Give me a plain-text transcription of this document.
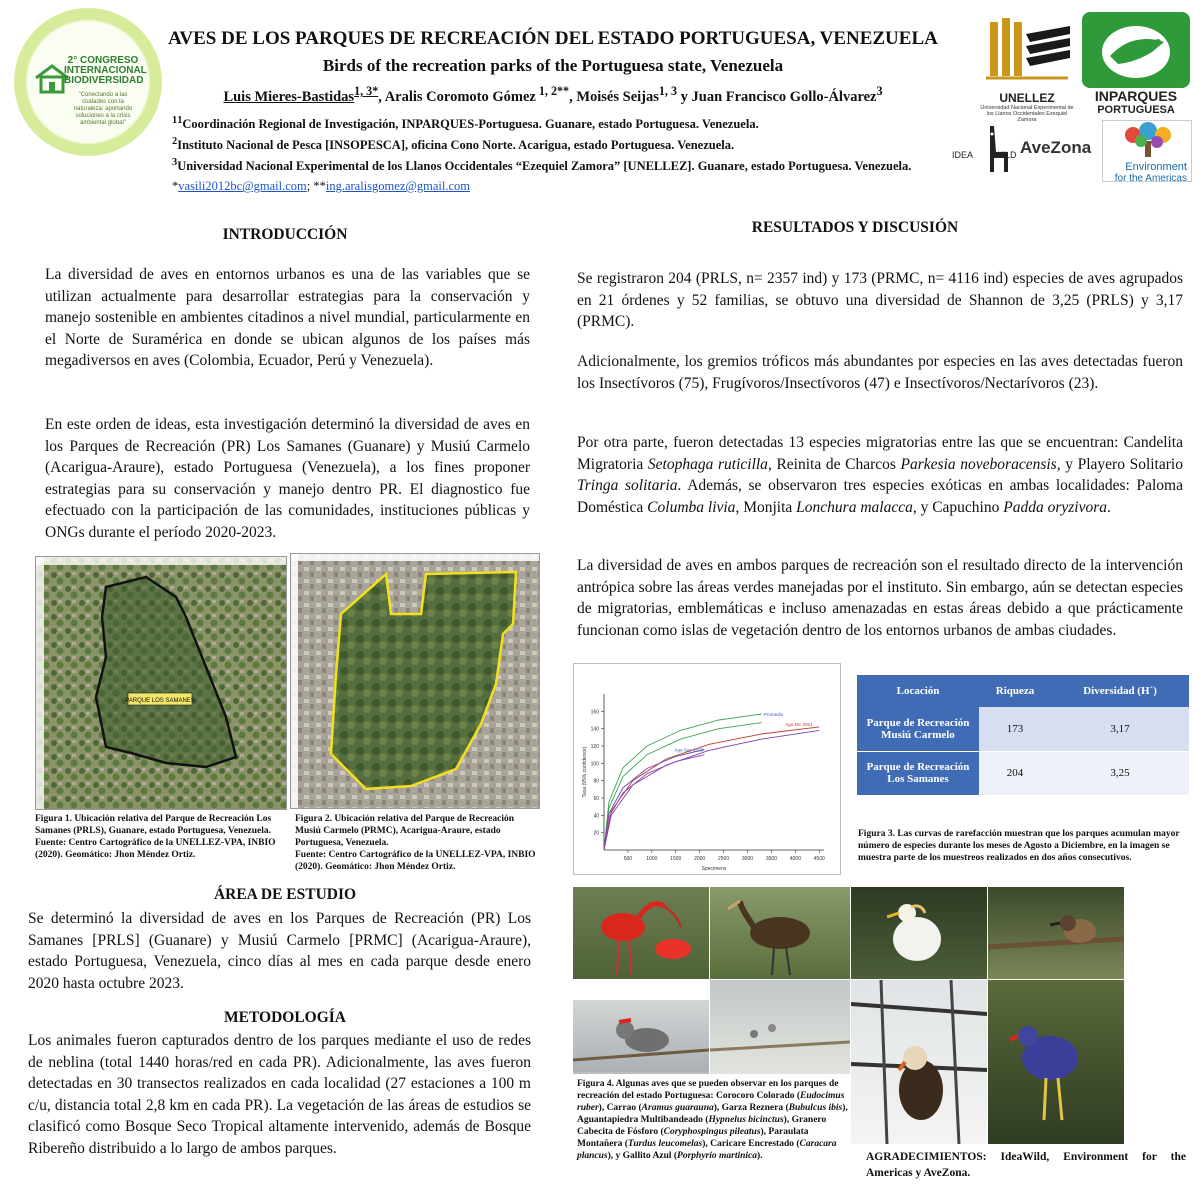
2° CONGRESO
INTERNACIONAL
BIODIVERSIDAD
"Conectando a las ciudades con la naturaleza: aportando soluciones a la crisis ambiental global"
AVES DE LOS PARQUES DE RECREACIÓN DEL ESTADO PORTUGUESA, VENEZUELA
Birds of the recreation parks of the Portuguesa state, Venezuela
Luis Mieres-Bastidas$^{1, 3*}$, Aralis Coromoto Gómez $^{1, 2**}$, Moisés Seijas$^{1, 3}$ y Juan Francisco Gollo-Álvarez$^3$
$^{11}$Coordinación Regional de Investigación, INPARQUES-Portuguesa. Guanare, estado Portuguesa. Venezuela.
$^2$Instituto Nacional de Pesca [INSOPESCA], oficina Cono Norte. Acarigua, estado Portuguesa. Venezuela.
$^3$Universidad Nacional Experimental de los Llanos Occidentales “Ezequiel Zamora” [UNELLEZ]. Guanare, estado Portuguesa. Venezuela.
*vasili2012bc@gmail.com; **ing.aralisgomez@gmail.com
UNELLEZ
Universidad Nacional Experimental de los Llanos Occidentales Ezequiel Zamora
INPARQUES
PORTUGUESA
IDEA WILD AveZona
Environment
for the Americas
INTRODUCCIÓN
La diversidad de aves en entornos urbanos es una de las variables que se utilizan actualmente para desarrollar estrategias para la conservación y manejo sostenible en ambientes citadinos a nivel mundial, particularmente en el Norte de Suramérica en donde se ubican algunos de los países más megadiversos en aves (Colombia, Ecuador, Perú y Venezuela).
En este orden de ideas, esta investigación determinó la diversidad de aves en los Parques de Recreación (PR) Los Samanes (Guanare) y Musiú Carmelo (Acarigua-Araure), estado Portuguesa (Venezuela), a los fines proponer estrategias para su conservación y manejo dentro PR. El diagnostico fue efectuado con la participación de las comunidades, instituciones públicas y ONGs durante el período 2020-2023.
PARQUE LOS SAMANES
Figura 1. Ubicación relativa del Parque de Recreación Los Samanes (PRLS), Guanare, estado Portuguesa, Venezuela.
Fuente: Centro Cartográfico de la UNELLEZ-VPA, INBIO (2020). Geomático: Jhon Méndez Ortiz.
Figura 2. Ubicación relativa del Parque de Recreación Musiú Carmelo (PRMC), Acarigua-Araure, estado Portuguesa, Venezuela.
Fuente: Centro Cartográfico de la UNELLEZ-VPA, INBIO (2020). Geomático: Jhon Méndez Ortiz.
ÁREA DE ESTUDIO
Se determinó la diversidad de aves en los Parques de Recreación (PR) Los Samanes [PRLS] (Guanare) y Musiú Carmelo [PRMC] (Acarigua-Araure), estado Portuguesa, Venezuela, cinco días al mes en cada parque desde enero 2020 hasta octubre 2023.
METODOLOGÍA
Los animales fueron capturados dentro de los parques mediante el uso de redes de neblina (total 1440 horas/red en cada PR). Adicionalmente, las aves fueron detectadas en 30 transectos realizados en cada localidad (27 estaciones a 100 m c/u, distancia total 2,8 km en cada PR). La vegetación de las áreas de estudios se clasificó como Bosque Seco Tropical altamente intervenido, además de Bosque Ribereño distribuido a lo largo de ambos parques.
RESULTADOS Y DISCUSIÓN
Se registraron 204 (PRLS, n= 2357 ind) y 173 (PRMC, n= 4116 ind) especies de aves agrupados en 21 órdenes y 52 familias, se obtuvo una diversidad de Shannon de 3,25 (PRLS) y 3,17 (PRMC).
Adicionalmente, los gremios tróficos más abundantes por especies en las aves detectadas fueron los Insectívoros (75), Frugívoros/Insectívoros (47) e Insectívoros/Nectarívoros (23).
Por otra parte, fueron detectadas 13 especies migratorias entre las que se encuentran: Candelita Migratoria Setophaga ruticilla, Reinita de Charcos Parkesia noveboracensis, y Playero Solitario Tringa solitaria. Además, se observaron tres especies exóticas en ambas localidades: Paloma Doméstica Columba livia, Monjita Lonchura malacca, y Capuchino Padda oryzivora.
La diversidad de aves en ambos parques de recreación son el resultado directo de la intervención antrópica sobre las áreas verdes manejadas por el instituto. Sin embargo, aún se detectan especies de migratorias, emblemáticas e incluso amenazadas en estas áreas debido a que prácticamente funcionan como islas de vegetación dentro de los entornos urbanos de ambas ciudades.
500	1000	1500	2000	2500	3000	3500	4000	4500
20
40
60
80
100
120
140
160
Specimens
Taxa (95% confidence)
Promedio
Ago-Sep 2020
Ago-Dic 2021
Figura 3. Las curvas de rarefacción muestran que los parques acumulan mayor número de especies durante los meses de Agosto a Diciembre, en la imagen se muestra parte de los muestreos realizados en dos años consecutivos.
Locación	Riqueza	Diversidad (H´)
Parque de Recreación Musiú Carmelo	173	3,17
Parque de Recreación Los Samanes	204	3,25
Figura 4. Algunas aves que se pueden observar en los parques de recreación del estado Portuguesa: Corocoro Colorado (Eudocimus ruber), Carrao (Aramus guarauna), Garza Reznera (Bubulcus ibis), Aguantapiedra Multibandeado (Hypnelus bicinctus), Granero Cabecita de Fósforo (Coryphospingus pileatus), Paraulata Montañera (Turdus leucomelas), Caricare Encrestado (Caracara plancus), y Gallito Azul (Porphyrio martinica).	AGRADECIMIENTOS: IdeaWild, Environment for the Americas y AveZona.
